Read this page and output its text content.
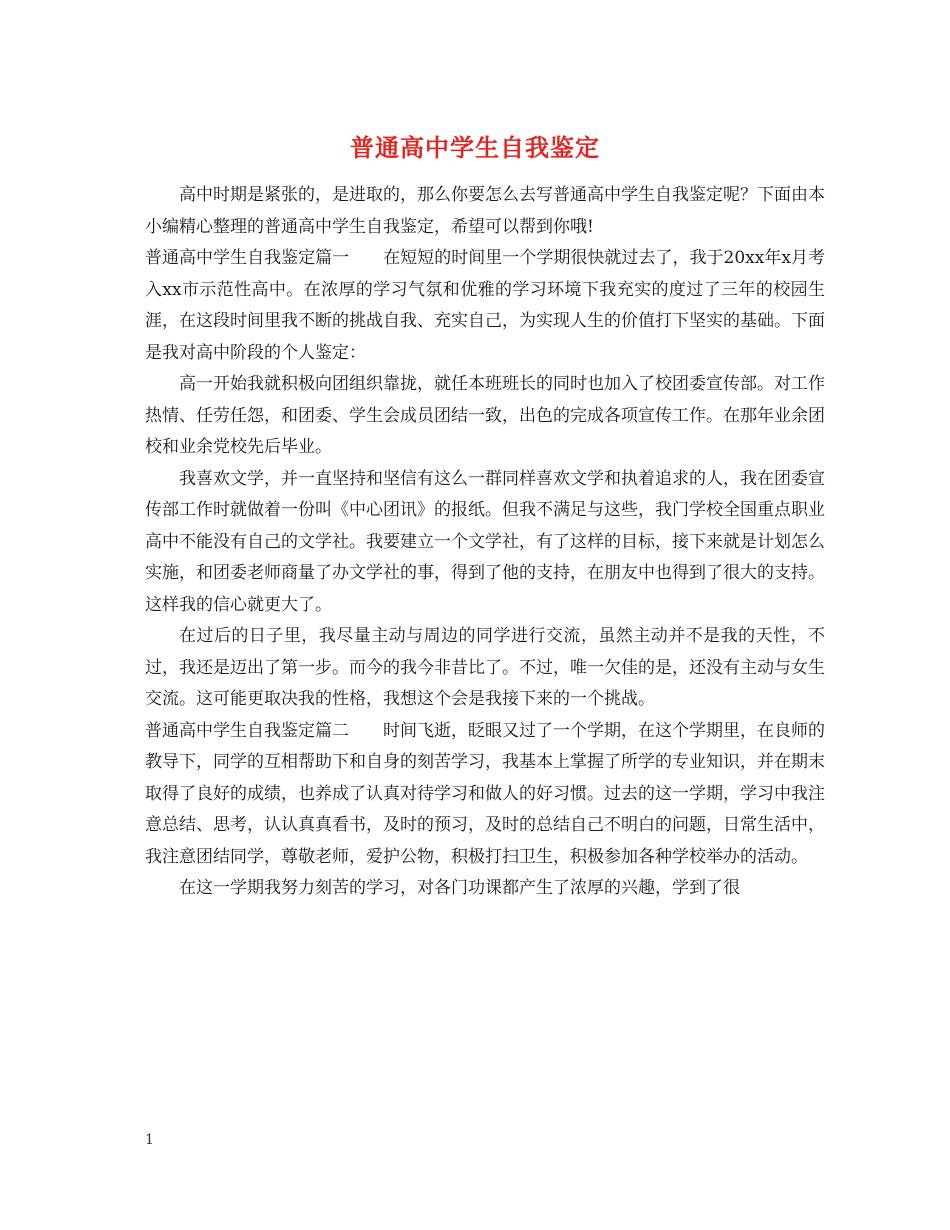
普通高中学生自我鉴定

高中时期是紧张的，是进取的，那么你要怎么去写普通高中学生自我鉴定呢？下面由本小编精心整理的普通高中学生自我鉴定，希望可以帮到你哦!

普通高中学生自我鉴定篇一　　在短短的时间里一个学期很快就过去了，我于20xx年x月考入xx市示范性高中。在浓厚的学习气氛和优雅的学习环境下我充实的度过了三年的校园生涯，在这段时间里我不断的挑战自我、充实自己，为实现人生的价值打下坚实的基础。下面是我对高中阶段的个人鉴定：

高一开始我就积极向团组织靠拢，就任本班班长的同时也加入了校团委宣传部。对工作热情、任劳任怨，和团委、学生会成员团结一致，出色的完成各项宣传工作。在那年业余团校和业余党校先后毕业。

我喜欢文学，并一直坚持和坚信有这么一群同样喜欢文学和执着追求的人，我在团委宣传部工作时就做着一份叫《中心团讯》的报纸。但我不满足与这些，我门学校全国重点职业高中不能没有自己的文学社。我要建立一个文学社，有了这样的目标，接下来就是计划怎么实施，和团委老师商量了办文学社的事，得到了他的支持，在朋友中也得到了很大的支持。这样我的信心就更大了。

在过后的日子里，我尽量主动与周边的同学进行交流，虽然主动并不是我的天性，不过，我还是迈出了第一步。而今的我今非昔比了。不过，唯一欠佳的是，还没有主动与女生交流。这可能更取决我的性格，我想这个会是我接下来的一个挑战。

普通高中学生自我鉴定篇二　　时间飞逝，眨眼又过了一个学期，在这个学期里，在良师的教导下，同学的互相帮助下和自身的刻苦学习，我基本上掌握了所学的专业知识，并在期末取得了良好的成绩，也养成了认真对待学习和做人的好习惯。过去的这一学期，学习中我注意总结、思考，认认真真看书，及时的预习，及时的总结自己不明白的问题，日常生活中，我注意团结同学，尊敬老师，爱护公物，积极打扫卫生，积极参加各种学校举办的活动。

在这一学期我努力刻苦的学习，对各门功课都产生了浓厚的兴趣，学到了很

1
